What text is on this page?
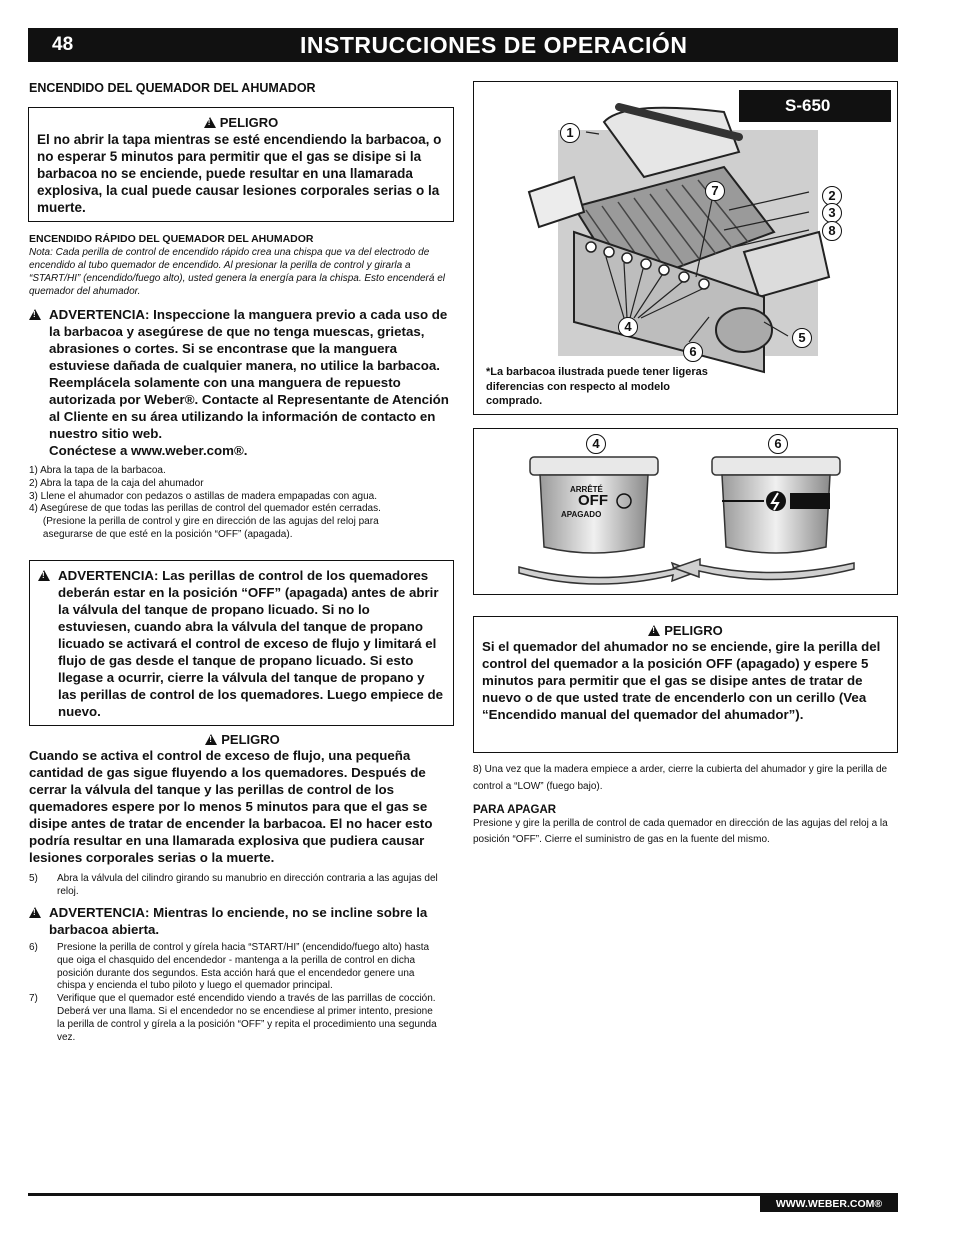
48	INSTRUCCIONES DE OPERACIÓN
ENCENDIDO DEL QUEMADOR DEL AHUMADOR
!PELIGRO
El no abrir la tapa mientras se esté encendiendo la barbacoa, o no esperar 5 minutos para permitir que el gas se disipe si la barbacoa no se enciende, puede resultar en una llamarada explosiva, la cual puede causar lesiones corporales serias o la muerte.
ENCENDIDO RÁPIDO DEL QUEMADOR DEL AHUMADOR
Nota: Cada perilla de control de encendido rápido crea una chispa que va del electrodo de encendido al tubo quemador de encendido. Al presionar la perilla de control y girarla a “START/HI” (encendido/fuego alto), usted genera la energía para la chispa. Esto encenderá el quemador del ahumador.
!
ADVERTENCIA: Inspeccione la manguera previo a cada uso de la barbacoa y asegúrese de que no tenga muescas, grietas, abrasiones o cortes. Si se encontrase que la manguera estuviese dañada de cualquier manera, no utilice la barbacoa. Reemplácela solamente con una manguera de repuesto autorizada por Weber®. Contacte al Representante de Atención al Cliente en su área utilizando la información de contacto en nuestro sitio web.
Conéctese a www.weber.com®.
1) Abra la tapa de la barbacoa.
2) Abra la tapa de la caja del ahumador
3) Llene el ahumador con pedazos o astillas de madera empapadas con agua.
4) Asegúrese de que todas las perillas de control del quemador estén cerradas.
(Presione la perilla de control y gire en dirección de las agujas del reloj para
asegurarse de que esté en la posición “OFF” (apagada).
!
ADVERTENCIA: Las perillas de control de los quemadores deberán estar en la posición “OFF” (apagada) antes de abrir la válvula del tanque de propano licuado. Si no lo estuviesen, cuando abra la válvula del tanque de propano licuado se activará el control de exceso de flujo y limitará el flujo de gas desde el tanque de propano licuado. Si esto llegase a ocurrir, cierre la válvula del tanque de propano y las perillas de control de los quemadores. Luego empiece de nuevo.
!PELIGRO
Cuando se activa el control de exceso de flujo, una pequeña cantidad de gas sigue fluyendo a los quemadores. Después de cerrar la válvula del tanque y las perillas de control de los quemadores espere por lo menos 5 minutos para que el gas se disipe antes de tratar de encender la barbacoa. El no hacer esto podría resultar en una llamarada explosiva que pudiera causar lesiones corporales serias o la muerte.
5)	Abra la válvula del cilindro girando su manubrio en dirección contraria a las agujas del reloj.
!
ADVERTENCIA: Mientras lo enciende, no se incline sobre la barbacoa abierta.
6)	Presione la perilla de control y gírela hacia “START/HI” (encendido/fuego alto) hasta que oiga el chasquido del encendedor - mantenga a la perilla de control en dicha posición durante dos segundos. Esta acción hará que el encendedor genere una chispa y encienda el tubo piloto y luego el quemador principal.
7)	Verifique que el quemador esté encendido viendo a través de las parrillas de cocción. Deberá ver una llama. Si el encendedor no se encendiese al primer intento, presione la perilla de control y gírela a la posición “OFF” y repita el procedimiento una segunda vez.
S-650
1
2
3
8
7
4
5
6
*La barbacoa ilustrada puede tener ligeras diferencias con respecto al modelo comprado.
4	6
ARRÊTÉ
OFF
APAGADO
!PELIGRO
Si el quemador del ahumador no se enciende, gire la perilla del control del quemador a la posición OFF (apagado) y espere 5 minutos para permitir que el gas se disipe antes de tratar de nuevo o de que usted trate de encenderlo con un cerillo (Vea “Encendido manual del quemador del ahumador”).
8) Una vez que la madera empiece a arder, cierre la cubierta del ahumador y gire la perilla de control a “LOW” (fuego bajo).
PARA APAGAR
Presione y gire la perilla de control de cada quemador en dirección de las agujas del reloj a la posición “OFF”. Cierre el suministro de gas en la fuente del mismo.
WWW.WEBER.COM®
